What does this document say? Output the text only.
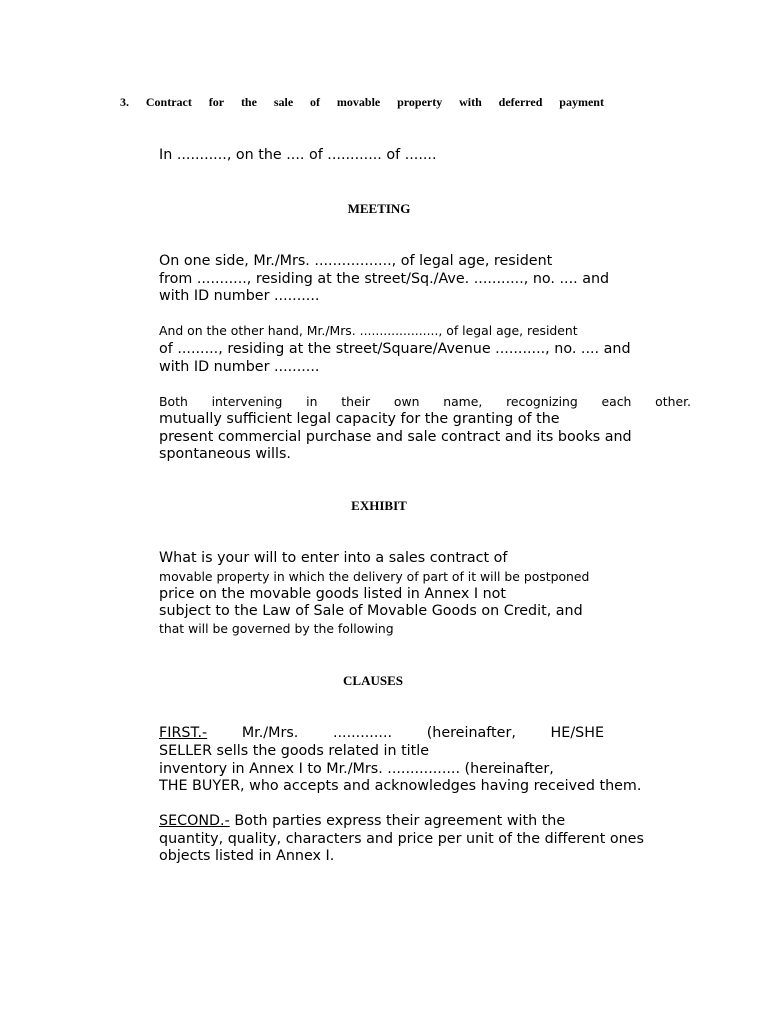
3. Contract for the sale of movable property with deferred payment
In ..........., on the .... of ............ of .......
MEETING
On one side, Mr./Mrs. ................., of legal age, resident
from ..........., residing at the street/Sq./Ave. ..........., no. .... and
with ID number ..........
And on the other hand, Mr./Mrs. ...................., of legal age, resident
of ........., residing at the street/Square/Avenue ..........., no. .... and
with ID number ..........
Both intervening in their own name, recognizing each other.
mutually sufficient legal capacity for the granting of the
present commercial purchase and sale contract and its books and
spontaneous wills.
EXHIBIT
What is your will to enter into a sales contract of
movable property in which the delivery of part of it will be postponed
price on the movable goods listed in Annex I not
subject to the Law of Sale of Movable Goods on Credit, and
that will be governed by the following
CLAUSES
FIRST.- Mr./Mrs. ............. (hereinafter, HE/SHE
SELLER sells the goods related in title
inventory in Annex I to Mr./Mrs. ................ (hereinafter,
THE BUYER, who accepts and acknowledges having received them.
SECOND.- Both parties express their agreement with the
quantity, quality, characters and price per unit of the different ones
objects listed in Annex I.
